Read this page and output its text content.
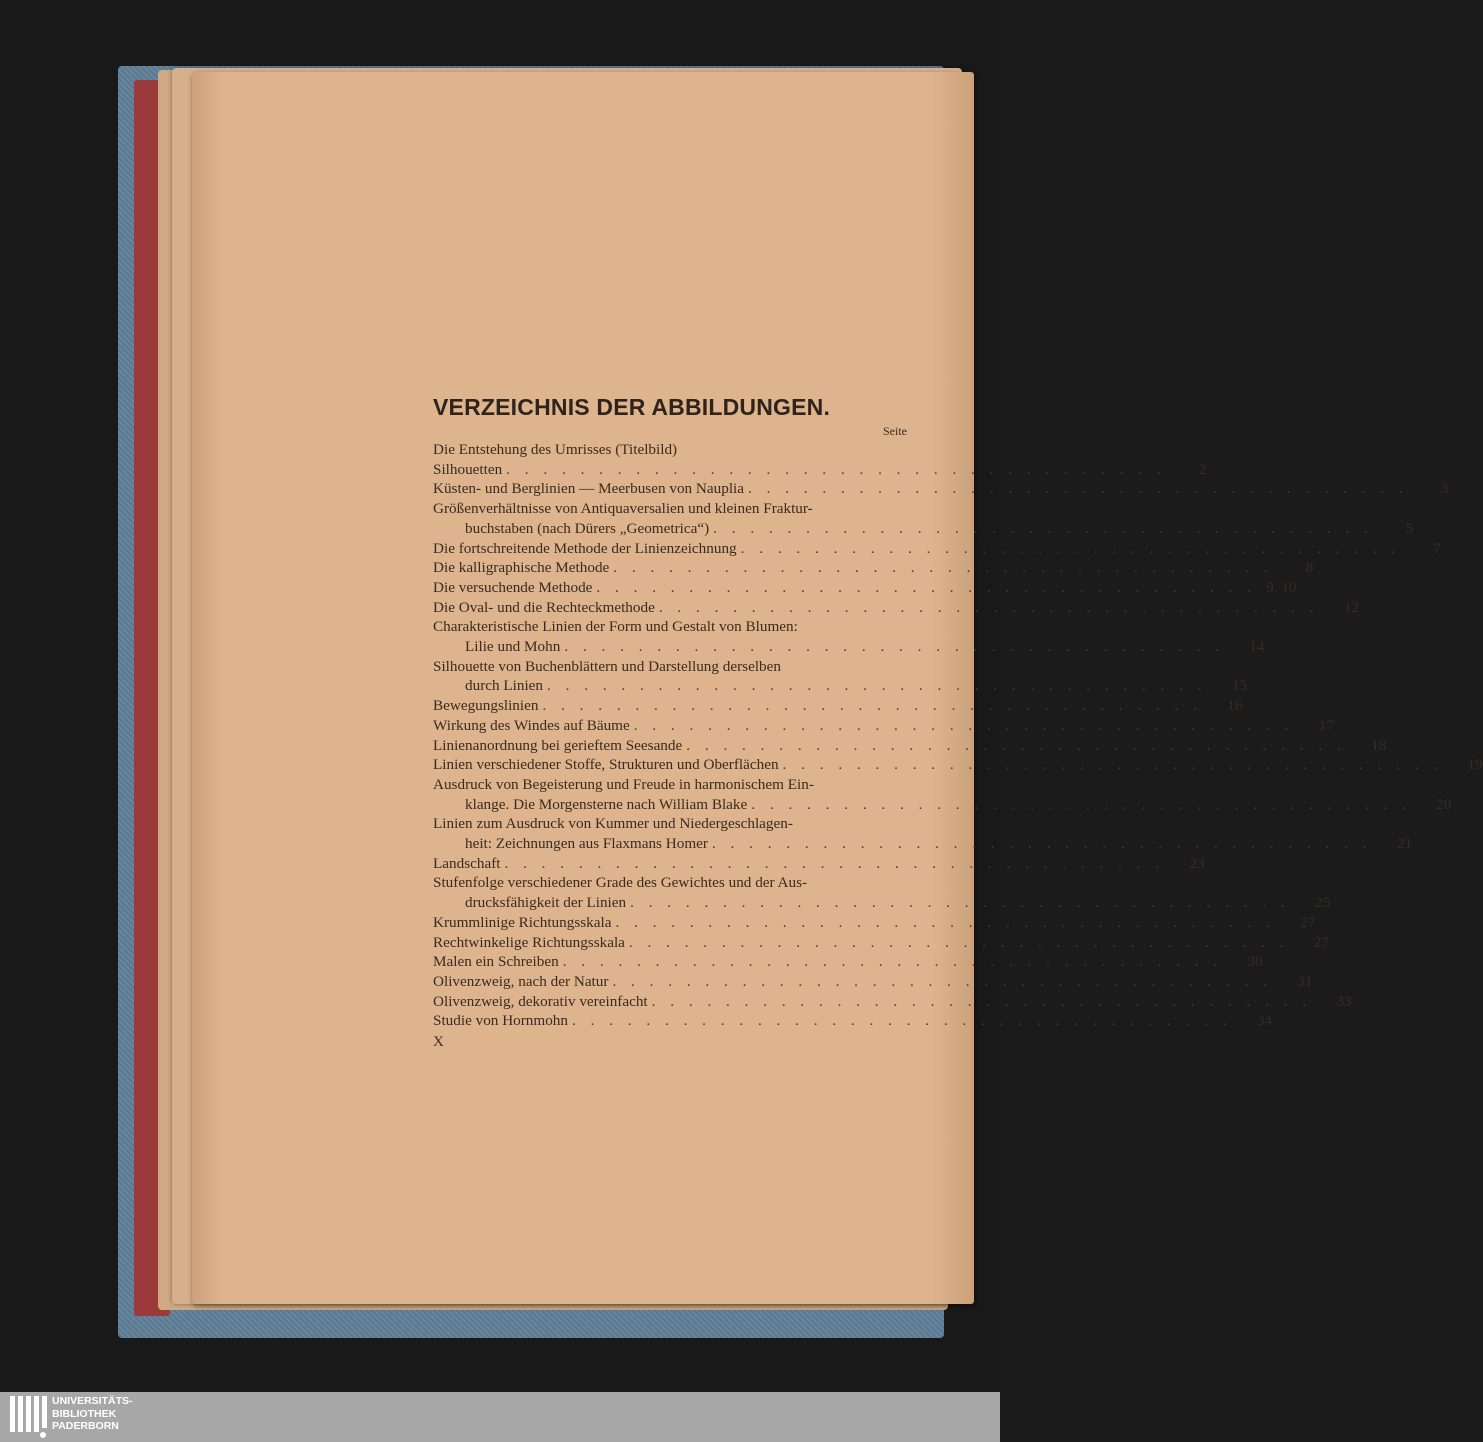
VERZEICHNIS DER ABBILDUNGEN.
Seite
Die Entstehung des Umrisses (Titelbild)
Silhouetten . . . . . . . . . . . . . . . . . . . . . . . . . . . . . . . . . . . .	2
Küsten- und Berglinien — Meerbusen von Nauplia . . . . . . . . . . . . . . . . . . . . . . . . . . . . . . . . . . . .	3
Größenverhältnisse von Antiquaversalien und kleinen Fraktur-
buchstaben (nach Dürers „Geometrica“) . . . . . . . . . . . . . . . . . . . . . . . . . . . . . . . . . . . .	5
Die fortschreitende Methode der Linienzeichnung . . . . . . . . . . . . . . . . . . . . . . . . . . . . . . . . . . . .	7
Die kalligraphische Methode . . . . . . . . . . . . . . . . . . . . . . . . . . . . . . . . . . . .	8
Die versuchende Methode . . . . . . . . . . . . . . . . . . . . . . . . . . . . . . . . . . . . 9, 10
Die Oval- und die Rechteckmethode . . . . . . . . . . . . . . . . . . . . . . . . . . . . . . . . . . . .	12
Charakteristische Linien der Form und Gestalt von Blumen:
Lilie und Mohn . . . . . . . . . . . . . . . . . . . . . . . . . . . . . . . . . . . .	14
Silhouette von Buchenblättern und Darstellung derselben
durch Linien . . . . . . . . . . . . . . . . . . . . . . . . . . . . . . . . . . . .	15
Bewegungslinien . . . . . . . . . . . . . . . . . . . . . . . . . . . . . . . . . . . .	16
Wirkung des Windes auf Bäume . . . . . . . . . . . . . . . . . . . . . . . . . . . . . . . . . . . .	17
Linienanordnung bei gerieftem Seesande . . . . . . . . . . . . . . . . . . . . . . . . . . . . . . . . . . . .	18
Linien verschiedener Stoffe, Strukturen und Oberflächen . . . . . . . . . . . . . . . . . . . . . . . . . . . . . . . . . . . .	19
Ausdruck von Begeisterung und Freude in harmonischem Ein-
klange. Die Morgensterne nach William Blake . . . . . . . . . . . . . . . . . . . . . . . . . . . . . . . . . . . .	20
Linien zum Ausdruck von Kummer und Niedergeschlagen-
heit: Zeichnungen aus Flaxmans Homer . . . . . . . . . . . . . . . . . . . . . . . . . . . . . . . . . . . .	21
Landschaft . . . . . . . . . . . . . . . . . . . . . . . . . . . . . . . . . . . .	23
Stufenfolge verschiedener Grade des Gewichtes und der Aus-
drucksfähigkeit der Linien . . . . . . . . . . . . . . . . . . . . . . . . . . . . . . . . . . . .	25
Krummlinige Richtungsskala . . . . . . . . . . . . . . . . . . . . . . . . . . . . . . . . . . . .	27
Rechtwinkelige Richtungsskala . . . . . . . . . . . . . . . . . . . . . . . . . . . . . . . . . . . .	27
Malen ein Schreiben . . . . . . . . . . . . . . . . . . . . . . . . . . . . . . . . . . . .	30
Olivenzweig, nach der Natur . . . . . . . . . . . . . . . . . . . . . . . . . . . . . . . . . . . .	31
Olivenzweig, dekorativ vereinfacht . . . . . . . . . . . . . . . . . . . . . . . . . . . . . . . . . . . .	33
Studie von Hornmohn . . . . . . . . . . . . . . . . . . . . . . . . . . . . . . . . . . . .	34
X
UNIVERSITÄTS-
BIBLIOTHEK
PADERBORN
